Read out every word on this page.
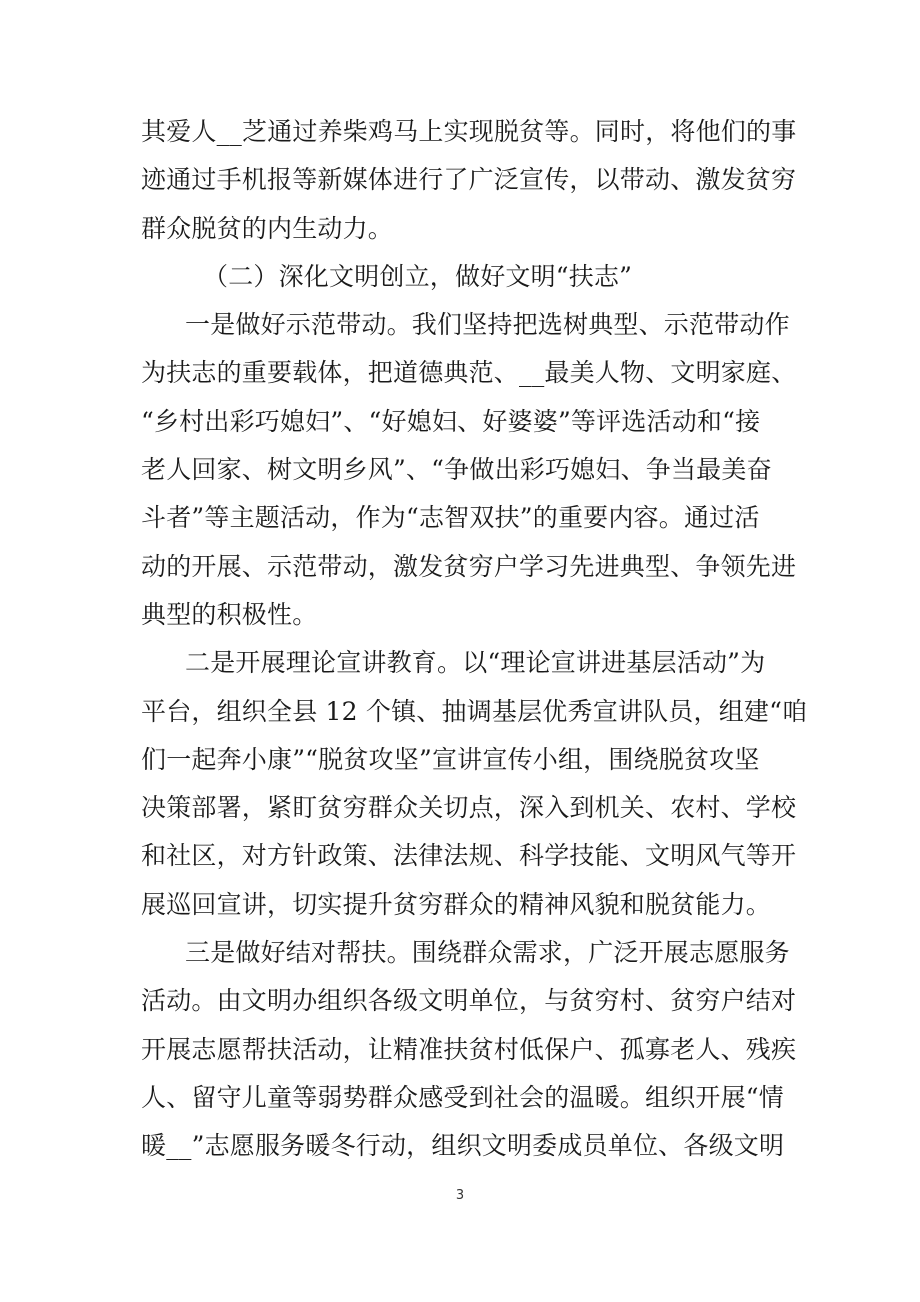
其爱人__芝通过养柴鸡马上实现脱贫等。同时，将他们的事
迹通过手机报等新媒体进行了广泛宣传，以带动、激发贫穷
群众脱贫的内生动力。
（二）深化文明创立，做好文明“扶志”
一是做好示范带动。我们坚持把选树典型、示范带动作
为扶志的重要载体，把道德典范、__最美人物、文明家庭、
“乡村出彩巧媳妇”、“好媳妇、好婆婆”等评选活动和“接
老人回家、树文明乡风”、“争做出彩巧媳妇、争当最美奋
斗者”等主题活动，作为“志智双扶”的重要内容。通过活
动的开展、示范带动，激发贫穷户学习先进典型、争领先进
典型的积极性。
二是开展理论宣讲教育。以“理论宣讲进基层活动”为
平台，组织全县 12 个镇、抽调基层优秀宣讲队员，组建“咱
们一起奔小康”“脱贫攻坚”宣讲宣传小组，围绕脱贫攻坚
决策部署，紧盯贫穷群众关切点，深入到机关、农村、学校
和社区，对方针政策、法律法规、科学技能、文明风气等开
展巡回宣讲，切实提升贫穷群众的精神风貌和脱贫能力。
三是做好结对帮扶。围绕群众需求，广泛开展志愿服务
活动。由文明办组织各级文明单位，与贫穷村、贫穷户结对
开展志愿帮扶活动，让精准扶贫村低保户、孤寡老人、残疾
人、留守儿童等弱势群众感受到社会的温暖。组织开展“情
暖__”志愿服务暖冬行动，组织文明委成员单位、各级文明
3
